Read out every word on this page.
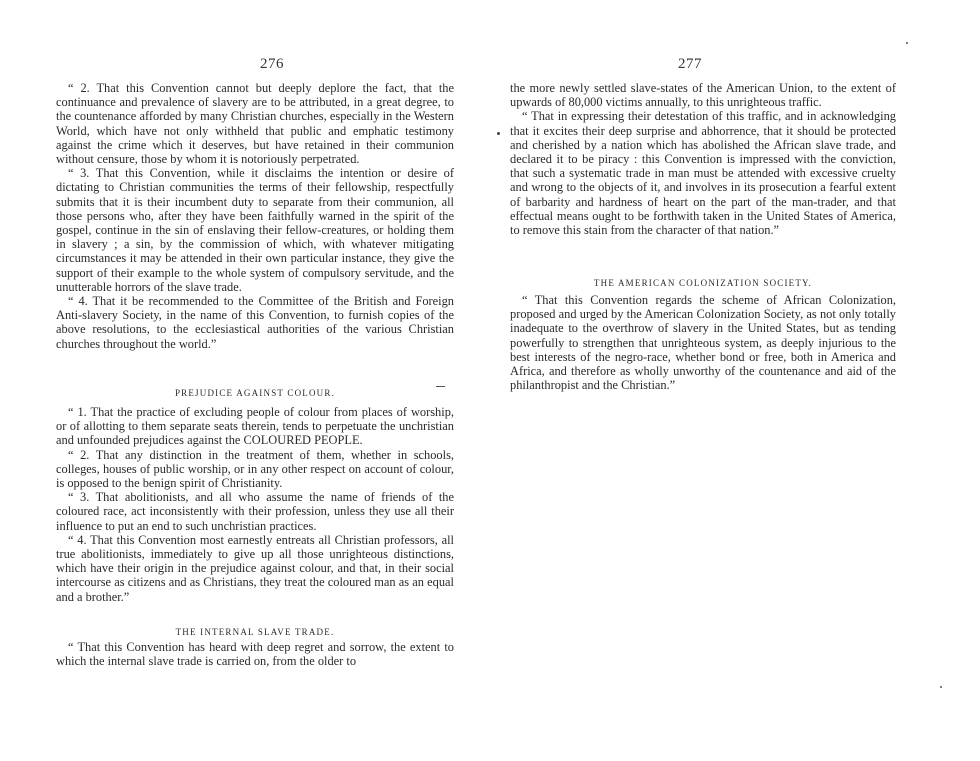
276

“ 2. That this Convention cannot but deeply deplore the fact, that the continuance and prevalence of slavery are to be attributed, in a great degree, to the countenance afforded by many Christian churches, especially in the Western World, which have not only withheld that public and emphatic testimony against the crime which it deserves, but have retained in their communion without censure, those by whom it is notoriously perpetrated.

“ 3. That this Convention, while it disclaims the intention or desire of dictating to Christian communities the terms of their fellowship, respectfully submits that it is their incumbent duty to separate from their communion, all those persons who, after they have been faithfully warned in the spirit of the gospel, continue in the sin of enslaving their fellow-creatures, or holding them in slavery ; a sin, by the commission of which, with whatever mitigating circumstances it may be attended in their own particular instance, they give the support of their example to the whole system of compulsory servitude, and the unutterable horrors of the slave trade.

“ 4. That it be recommended to the Committee of the British and Foreign Anti-slavery Society, in the name of this Convention, to furnish copies of the above resolutions, to the ecclesiastical authorities of the various Christian churches throughout the world.”

PREJUDICE AGAINST COLOUR.

“ 1. That the practice of excluding people of colour from places of worship, or of allotting to them separate seats therein, tends to perpetuate the unchristian and unfounded prejudices against the COLOURED PEOPLE.

“ 2. That any distinction in the treatment of them, whether in schools, colleges, houses of public worship, or in any other respect on account of colour, is opposed to the benign spirit of Christianity.

“ 3. That abolitionists, and all who assume the name of friends of the coloured race, act inconsistently with their profession, unless they use all their influence to put an end to such unchristian practices.

“ 4. That this Convention most earnestly entreats all Christian professors, all true abolitionists, immediately to give up all those unrighteous distinctions, which have their origin in the prejudice against colour, and that, in their social intercourse as citizens and as Christians, they treat the coloured man as an equal and a brother.”

THE INTERNAL SLAVE TRADE.

“ That this Convention has heard with deep regret and sorrow, the extent to which the internal slave trade is carried on, from the older to

277

the more newly settled slave-states of the American Union, to the extent of upwards of 80,000 victims annually, to this unrighteous traffic.

“ That in expressing their detestation of this traffic, and in acknowledging that it excites their deep surprise and abhorrence, that it should be protected and cherished by a nation which has abolished the African slave trade, and declared it to be piracy : this Convention is impressed with the conviction, that such a systematic trade in man must be attended with excessive cruelty and wrong to the objects of it, and involves in its prosecution a fearful extent of barbarity and hardness of heart on the part of the man-trader, and that effectual means ought to be forthwith taken in the United States of America, to remove this stain from the character of that nation.”

THE AMERICAN COLONIZATION SOCIETY.

“ That this Convention regards the scheme of African Colonization, proposed and urged by the American Colonization Society, as not only totally inadequate to the overthrow of slavery in the United States, but as tending powerfully to strengthen that unrighteous system, as deeply injurious to the best interests of the negro-race, whether bond or free, both in America and Africa, and therefore as wholly unworthy of the countenance and aid of the philanthropist and the Christian.”
